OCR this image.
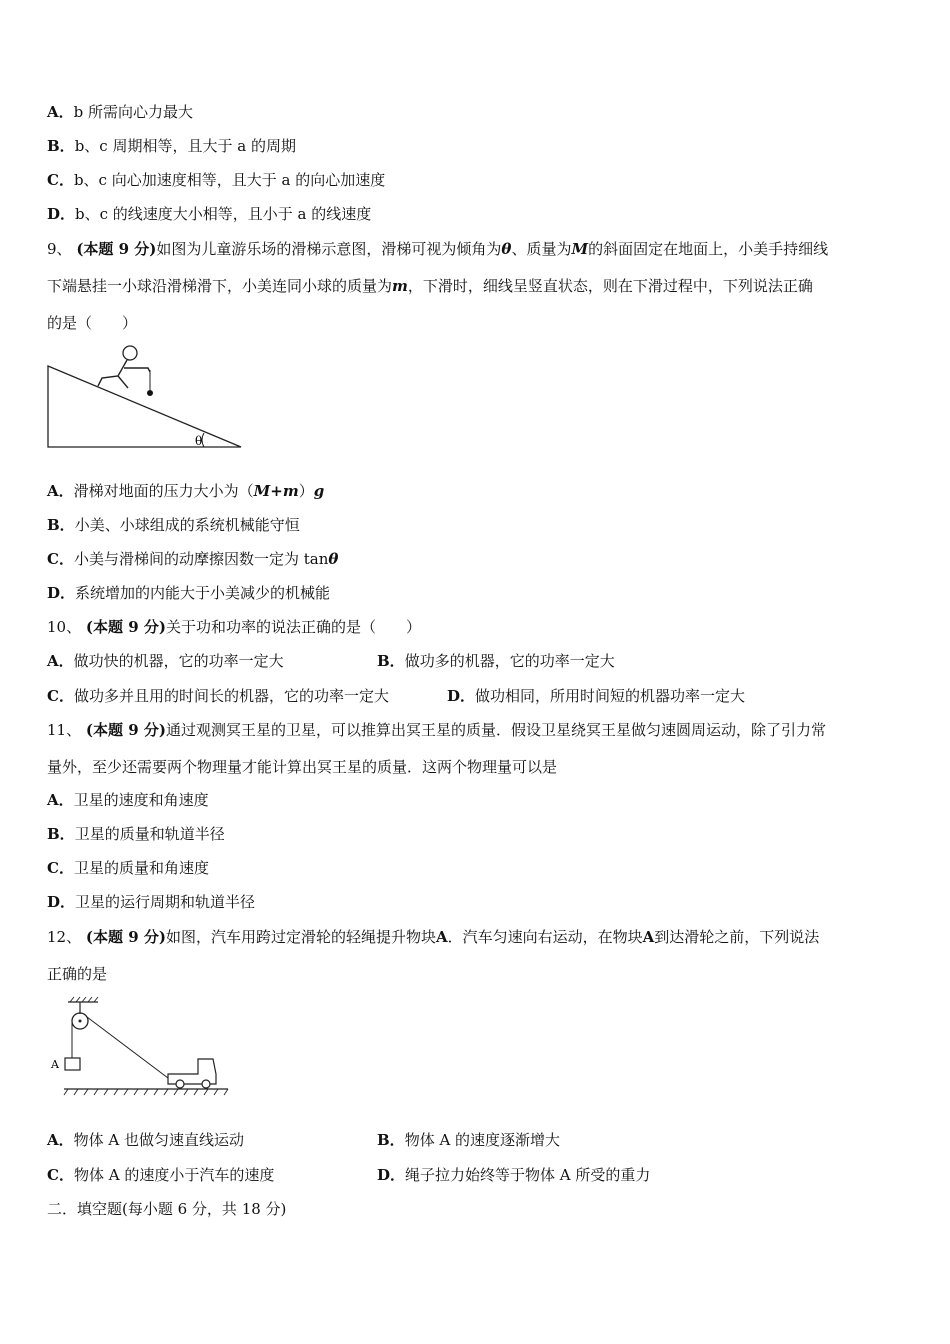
A．b 所需向心力最大
B．b、c 周期相等，且大于 a 的周期
C．b、c 向心加速度相等，且大于 a 的向心加速度
D．b、c 的线速度大小相等，且小于 a 的线速度
9、 (本题 9 分)如图为儿童游乐场的滑梯示意图，滑梯可视为倾角为θ、质量为M的斜面固定在地面上，小美手持细线
下端悬挂一小球沿滑梯滑下，小美连同小球的质量为m，下滑时，细线呈竖直状态，则在下滑过程中，下列说法正确
的是（　　）
θ
A．滑梯对地面的压力大小为（M+m）g
B．小美、小球组成的系统机械能守恒
C．小美与滑梯间的动摩擦因数一定为 tanθ
D．系统增加的内能大于小美减少的机械能
10、 (本题 9 分)关于功和功率的说法正确的是（　　）
A．做功快的机器，它的功率一定大	B．做功多的机器，它的功率一定大
C．做功多并且用的时间长的机器，它的功率一定大	D．做功相同，所用时间短的机器功率一定大
11、 (本题 9 分)通过观测冥王星的卫星，可以推算出冥王星的质量．假设卫星绕冥王星做匀速圆周运动，除了引力常
量外，至少还需要两个物理量才能计算出冥王星的质量．这两个物理量可以是
A．卫星的速度和角速度
B．卫星的质量和轨道半径
C．卫星的质量和角速度
D．卫星的运行周期和轨道半径
12、 (本题 9 分)如图，汽车用跨过定滑轮的轻绳提升物块A．汽车匀速向右运动，在物块A到达滑轮之前，下列说法
正确的是
A
A．物体 A 也做匀速直线运动	B．物体 A 的速度逐渐增大
C．物体 A 的速度小于汽车的速度	D．绳子拉力始终等于物体 A 所受的重力
二．填空题(每小题 6 分，共 18 分)
